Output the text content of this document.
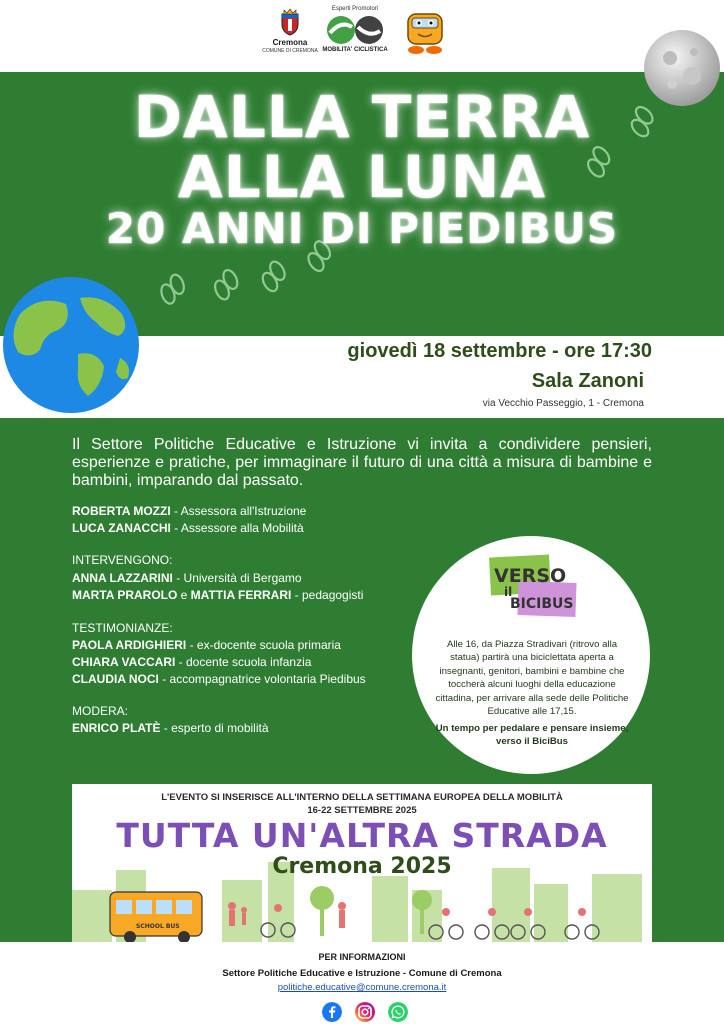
Cremona
COMUNE DI CREMONA
Esperti Promotori
MOBILITA' CICLISTICA
DALLA TERRA
ALLA LUNA
20 ANNI DI PIEDIBUS
giovedì 18 settembre - ore 17:30
Sala Zanoni
via Vecchio Passeggio, 1 - Cremona
Il Settore Politiche Educative e Istruzione vi invita a condividere pensieri, esperienze e pratiche, per immaginare il futuro di una città a misura di bambine e bambini, imparando dal passato.
ROBERTA MOZZI - Assessora all'Istruzione
LUCA ZANACCHI - Assessore alla Mobilità
INTERVENGONO:
ANNA LAZZARINI - Università di Bergamo
MARTA PRAROLO e MATTIA FERRARI - pedagogisti
TESTIMONIANZE:
PAOLA ARDIGHIERI - ex-docente scuola primaria
CHIARA VACCARI - docente scuola infanzia
CLAUDIA NOCI - accompagnatrice volontaria Piedibus
MODERA:
ENRICO PLATÈ - esperto di mobilità
VERSO
il
BICIBUS
Alle 16, da Piazza Stradivari (ritrovo alla statua) partirà una biciclettata aperta a insegnanti, genitori, bambini e bambine che toccherà alcuni luoghi della educazione cittadina, per arrivare alla sede delle Politiche Educative alle 17,15.
Un tempo per pedalare e pensare insieme, verso il BiciBus
SCHOOL BUS
L'EVENTO SI INSERISCE ALL'INTERNO DELLA SETTIMANA EUROPEA DELLA MOBILITÀ
16-22 SETTEMBRE 2025
TUTTA UN'ALTRA STRADA
Cremona 2025
PER INFORMAZIONI
Settore Politiche Educative e Istruzione - Comune di Cremona
politiche.educative@comune.cremona.it
